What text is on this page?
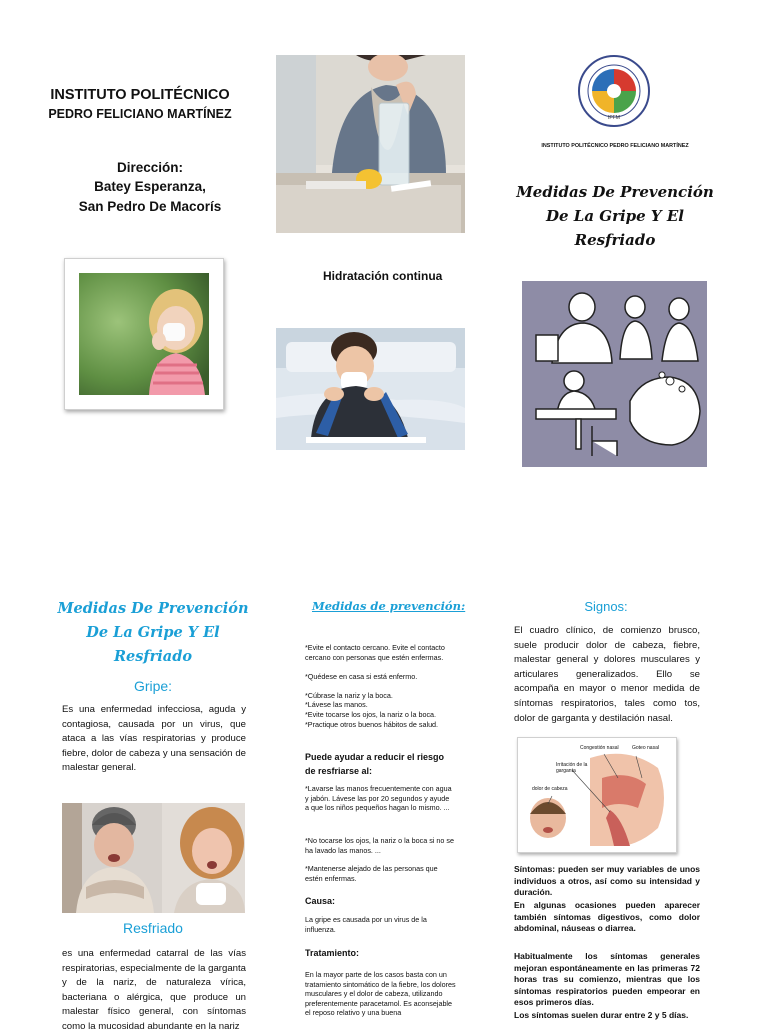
INSTITUTO POLITÉCNICO
PEDRO FELICIANO MARTÍNEZ
Dirección:
Batey Esperanza,
San Pedro De Macorís
Hidratación continua
IPFM
INSTITUTO POLITÉCNICO PEDRO FELICIANO MARTÍNEZ
Medidas De Prevención
De La Gripe Y El
Resfriado
Medidas De Prevención
De La Gripe Y El
Resfriado
Gripe:
Es una enfermedad infecciosa, aguda y contagiosa, causada por un virus, que ataca a las vías respiratorias y produce fiebre, dolor de cabeza y una sensación de malestar general.
Resfriado
es una enfermedad catarral de las vías respiratorias, especialmente de la garganta y de la nariz, de naturaleza vírica, bacteriana o alérgica, que produce un malestar físico general, con síntomas como la mucosidad abundante en la nariz
Medidas de prevención:
*Evite el contacto cercano. Evite el contacto cercano con personas que estén enfermas.
*Quédese en casa si está enfermo.
*Cúbrase la nariz y la boca.
*Lávese las manos.
*Evite tocarse los ojos, la nariz o la boca.
*Practique otros buenos hábitos de salud.
Puede ayudar a reducir el riesgo de resfriarse al:
*Lavarse las manos frecuentemente con agua y jabón. Lávese las por 20 segundos y ayude a que los niños pequeños hagan lo mismo. ...
*No tocarse los ojos, la nariz o la boca si no se ha lavado las manos. ...
*Mantenerse alejado de las personas que estén enfermas.
Causa:
La gripe es causada por un virus de la influenza.
Tratamiento:
En la mayor parte de los casos basta con un tratamiento sintomático de la fiebre, los dolores musculares y el dolor de cabeza, utilizando preferentemente paracetamol. Es aconsejable el reposo relativo y una buena
Signos:
El cuadro clínico, de comienzo brusco, suele producir dolor de cabeza, fiebre, malestar general y dolores musculares y articulares generalizados. Ello se acompaña en mayor o menor medida de síntomas respiratorios, tales como tos, dolor de garganta y destilación nasal.
Congestión nasal	Goteo nasal
Irritación de la garganta
dolor de cabeza
Síntomas: pueden ser muy variables de unos individuos a otros, así como su intensidad y duración.
En algunas ocasiones pueden aparecer también síntomas digestivos, como dolor abdominal, náuseas o diarrea.
Habitualmente los síntomas generales mejoran espontáneamente en las primeras 72 horas tras su comienzo, mientras que los síntomas respiratorios pueden empeorar en esos primeros días.
Los síntomas suelen durar entre 2 y 5 días.
